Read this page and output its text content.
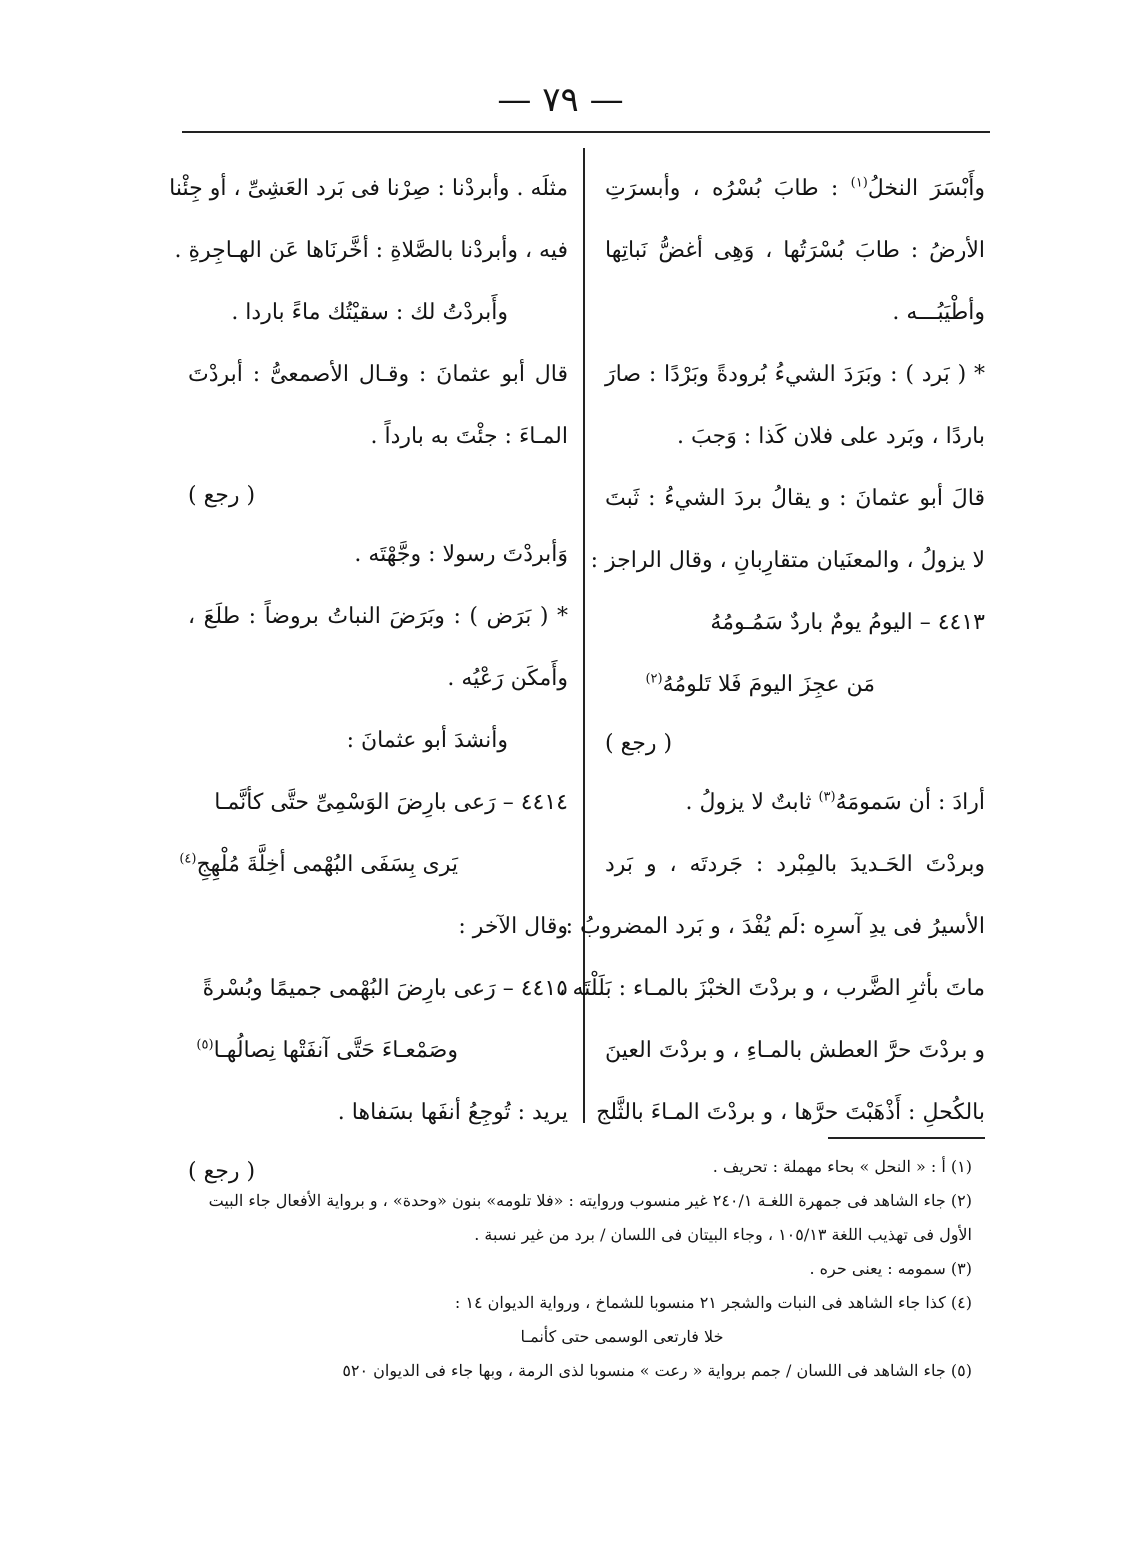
— ٧٩ —
وأَبْسَرَ النخلُ$^{(١)}$ : طابَ بُسْرُه ، وأبسرَتِ
الأرضُ : طابَ بُسْرَتُها ، وَهِى أغضُّ نَباتِها
وأطْيَبُـــه .
* ( بَرد ) : وبَرَدَ الشيءُ بُرودةً وبَرْدًا : صارَ
باردًا ، وبَرد على فلان كَذا : وَجبَ .
قالَ أبو عثمانَ : و يقالُ بردَ الشيءُ : ثَبتَ
لا يزولُ ، والمعنَيان متقارِبانِ ، وقال الراجز :
٤٤١٣ – اليومُ يومٌ باردٌ سَمُـومُهُ
مَن عجِزَ اليومَ فَلا تَلومُهُ$^{(٢)}$
( رجع )
أرادَ : أن سَمومَهُ$^{(٣)}$ ثابتٌ لا يزولُ .
وبردْتَ الحَـديدَ بالمِبْرد : جَردتَه ، و بَرد
الأسيرُ فى يدِ آسرِه :لَم يُفْدَ ، و بَرد المضروبُ :
ماتَ بأثرِ الضَّرب ، و بردْتَ الخبْزَ بالمـاء : بَلَلْتَه ،
و بردْتَ حرَّ العطش بالمـاءِ ، و بردْتَ العينَ
بالكُحلِ : أَذْهَبْتَ حرَّها ، و بردْتَ المـاءَ بالثَّلج
مثلَه . وأبردْنا : صِرْنا فى بَرد العَشِىِّ ، أو جِئْنا
فيه ، وأبردْنا بالصَّلاةِ : أخَّرنَاها عَن الهـاجِرةِ .
وأَبردْتُ لك : سقيْتُك ماءً باردا .
قال أبو عثمانَ : وقـال الأصمعىُّ : أبردْتَ
المـاءَ : جئْتَ به بارداً .
( رجع )
وَأبردْتَ رسولا : وجَّهْتَه .
* ( بَرَض ) : وبَرَضَ النباتُ بروضاً : طلَعَ ،
وأَمكَن رَعْيُه .
وأنشدَ أبو عثمانَ :
٤٤١٤ – رَعى بارِضَ الوَسْمِىِّ حتَّى كأنَّمـا
يَرى بِسَفَى البُهْمى أخِلَّةَ مُلْهِجِ$^{(٤)}$
وقال الآخر :
٤٤١٥ – رَعى بارِضَ البُهْمى جميمًا وبُسْرةً
وصَمْعـاءَ حَتَّى آنفَتْها نِصالُهـا$^{(٥)}$
يريد : تُوجِعُ أنفَها بسَفاها .
( رجع )	(١) أ : « النحل » بحاء مهملة : تحريف .
(٢) جاء الشاهد فى جمهرة اللغـة ٢٤٠/١ غير منسوب وروايته : «فلا تلومه» بنون «وحدة» ، و برواية الأفعال جاء البيت
الأول فى تهذيب اللغة ١٠٥/١٣ ، وجاء البيتان فى اللسان / برد من غير نسبة .
(٣) سمومه : يعنى حره .
(٤) كذا جاء الشاهد فى النبات والشجر ٢١ منسوبا للشماخ ، ورواية الديوان ١٤ :
خلا فارتعى الوسمى حتى كأنمـا
(٥) جاء الشاهد فى اللسان / جمم برواية « رعت » منسوبا لذى الرمة ، وبها جاء فى الديوان ٥٢٠
